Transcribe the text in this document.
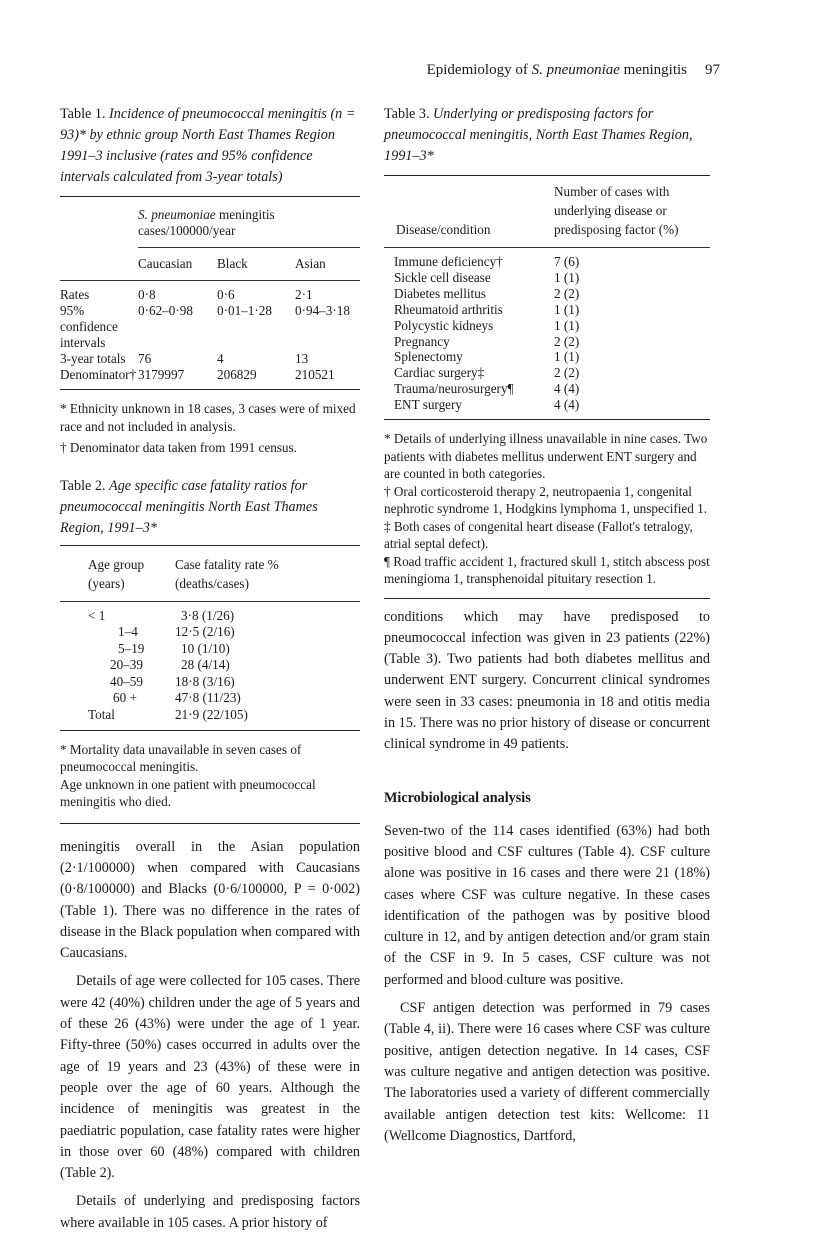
Epidemiology of S. pneumoniae meningitis 97

Table 1. Incidence of pneumococcal meningitis (n = 93)* by ethnic group North East Thames Region 1991–3 inclusive (rates and 95% confidence intervals calculated from 3-year totals)

S. pneumoniae meningitis cases/100000/year
	Caucasian	Black	Asian

Rates	0·8	0·6	2·1
95% confidence intervals	0·62–0·98	0·01–1·28	0·94–3·18
3-year totals	76	4	13
Denominator†	3179997	206829	210521

* Ethnicity unknown in 18 cases, 3 cases were of mixed race and not included in analysis.

† Denominator data taken from 1991 census.

Table 2. Age specific case fatality ratios for pneumococcal meningitis North East Thames Region, 1991–3*

Age group (years)	Case fatality rate % (deaths/cases)

< 1	3·8 (1/26)
1–4	12·5 (2/16)
5–19	10 (1/10)
20–39	28 (4/14)
40–59	18·8 (3/16)
60 +	47·8 (11/23)
Total	21·9 (22/105)

* Mortality data unavailable in seven cases of pneumococcal meningitis.

Age unknown in one patient with pneumococcal meningitis who died.

meningitis overall in the Asian population (2·1/100000) when compared with Caucasians (0·8/100000) and Blacks (0·6/100000, P = 0·002) (Table 1). There was no difference in the rates of disease in the Black population when compared with Caucasians.

Details of age were collected for 105 cases. There were 42 (40%) children under the age of 5 years and of these 26 (43%) were under the age of 1 year. Fifty-three (50%) cases occurred in adults over the age of 19 years and 23 (43%) of these were in people over the age of 60 years. Although the incidence of meningitis was greatest in the paediatric population, case fatality rates were higher in those over 60 (48%) compared with children (Table 2).

Details of underlying and predisposing factors where available in 105 cases. A prior history of

Table 3. Underlying or predisposing factors for pneumococcal meningitis, North East Thames Region, 1991–3*

Disease/condition	Number of cases with underlying disease or predisposing factor (%)

Immune deficiency†	7 (6)
Sickle cell disease	1 (1)
Diabetes mellitus	2 (2)
Rheumatoid arthritis	1 (1)
Polycystic kidneys	1 (1)
Pregnancy	2 (2)
Splenectomy	1 (1)
Cardiac surgery‡	2 (2)
Trauma/neurosurgery¶	4 (4)
ENT surgery	4 (4)

* Details of underlying illness unavailable in nine cases. Two patients with diabetes mellitus underwent ENT surgery and are counted in both categories.

† Oral corticosteroid therapy 2, neutropaenia 1, congenital nephrotic syndrome 1, Hodgkins lymphoma 1, unspecified 1.

‡ Both cases of congenital heart disease (Fallot's tetralogy, atrial septal defect).

¶ Road traffic accident 1, fractured skull 1, stitch abscess post meningioma 1, transphenoidal pituitary resection 1.

conditions which may have predisposed to pneumococcal infection was given in 23 patients (22%) (Table 3). Two patients had both diabetes mellitus and underwent ENT surgery. Concurrent clinical syndromes were seen in 33 cases: pneumonia in 18 and otitis media in 15. There was no prior history of disease or concurrent clinical syndrome in 49 patients.

Microbiological analysis

Seven-two of the 114 cases identified (63%) had both positive blood and CSF cultures (Table 4). CSF culture alone was positive in 16 cases and there were 21 (18%) cases where CSF was culture negative. In these cases identification of the pathogen was by positive blood culture in 12, and by antigen detection and/or gram stain of the CSF in 9. In 5 cases, CSF culture was not performed and blood culture was positive.

CSF antigen detection was performed in 79 cases (Table 4, ii). There were 16 cases where CSF was culture positive, antigen detection negative. In 14 cases, CSF was culture negative and antigen detection was positive. The laboratories used a variety of different commercially available antigen detection test kits: Wellcome: 11 (Wellcome Diagnostics, Dartford,
